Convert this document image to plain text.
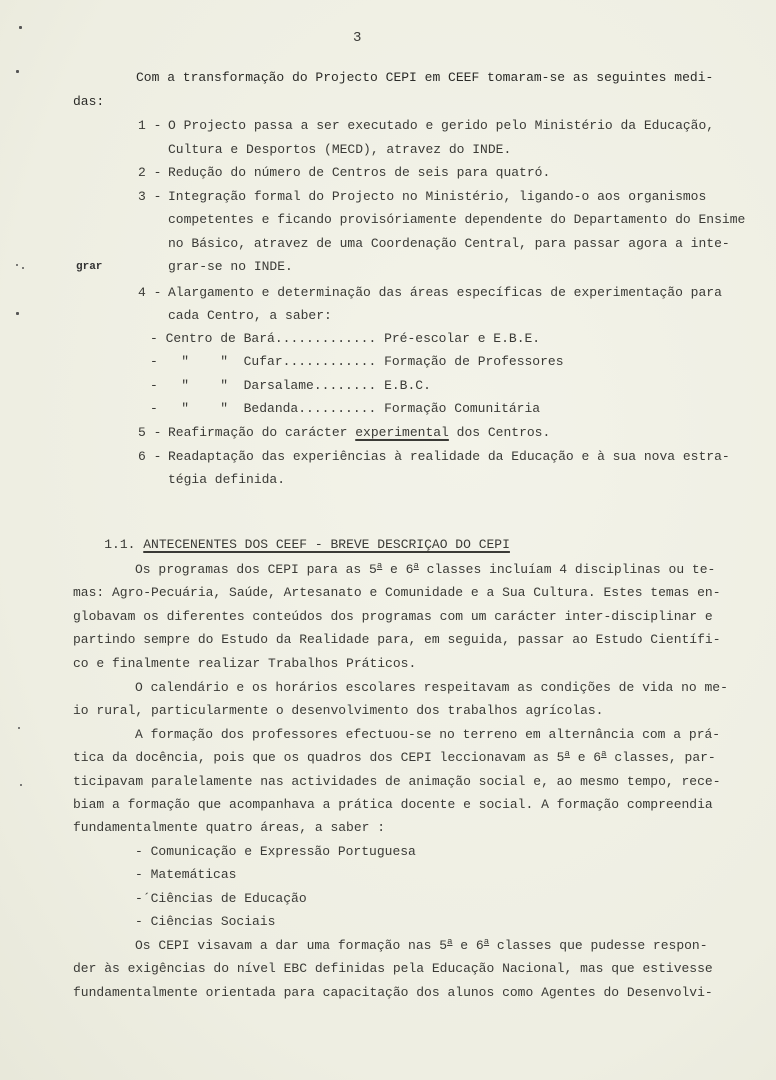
3
grar
Com a transformação do Projecto CEPI em CEEF tomaram-se as seguintes medi-
das:
1 - O Projecto passa a ser executado e gerido pelo Ministério da Educação,
Cultura e Desportos (MECD), atravez do INDE.
2 - Redução do número de Centros de seis para quatró.
3 - Integração formal do Projecto no Ministério, ligando-o aos organismos
competentes e ficando provisóriamente dependente do Departamento do Ensime
no Básico, atravez de uma Coordenação Central, para passar agora a inte-
grar-se no INDE.
4 - Alargamento e determinação das áreas específicas de experimentação para
cada Centro, a saber:
- Centro de Bará............. Pré-escolar e E.B.E.
-   "    "  Cufar............ Formação de Professores
-   "    "  Darsalame........ E.B.C.
-   "    "  Bedanda.......... Formação Comunitária
5 - Reafirmação do carácter experimental dos Centros.
6 - Readaptação das experiências à realidade da Educação e à sua nova estra-
tégia definida.

1.1. ANTECENENTES DOS CEEF - BREVE DESCRIÇAO DO CEPI

Os programas dos CEPI para as 5$^a$ e 6$^a$ classes incluíam 4 disciplinas ou te-
mas: Agro-Pecuária, Saúde, Artesanato e Comunidade e a Sua Cultura. Estes temas en-
globavam os diferentes conteúdos dos programas com um carácter inter-disciplinar e
partindo sempre do Estudo da Realidade para, em seguida, passar ao Estudo Científi-
co e finalmente realizar Trabalhos Práticos.
O calendário e os horários escolares respeitavam as condições de vida no me-
io rural, particularmente o desenvolvimento dos trabalhos agrícolas.
A formação dos professores efectuou-se no terreno em alternância com a prá-
tica da docência, pois que os quadros dos CEPI leccionavam as 5$^a$ e 6$^a$ classes, par-
ticipavam paralelamente nas actividades de animação social e, ao mesmo tempo, rece-
biam a formação que acompanhava a prática docente e social. A formação compreendia
fundamentalmente quatro áreas, a saber :
- Comunicação e Expressão Portuguesa
- Matemáticas
-´Ciências de Educação
- Ciências Sociais
Os CEPI visavam a dar uma formação nas 5$^a$ e 6$^a$ classes que pudesse respon-
der às exigências do nível EBC definidas pela Educação Nacional, mas que estivesse
fundamentalmente orientada para capacitação dos alunos como Agentes do Desenvolvi-
